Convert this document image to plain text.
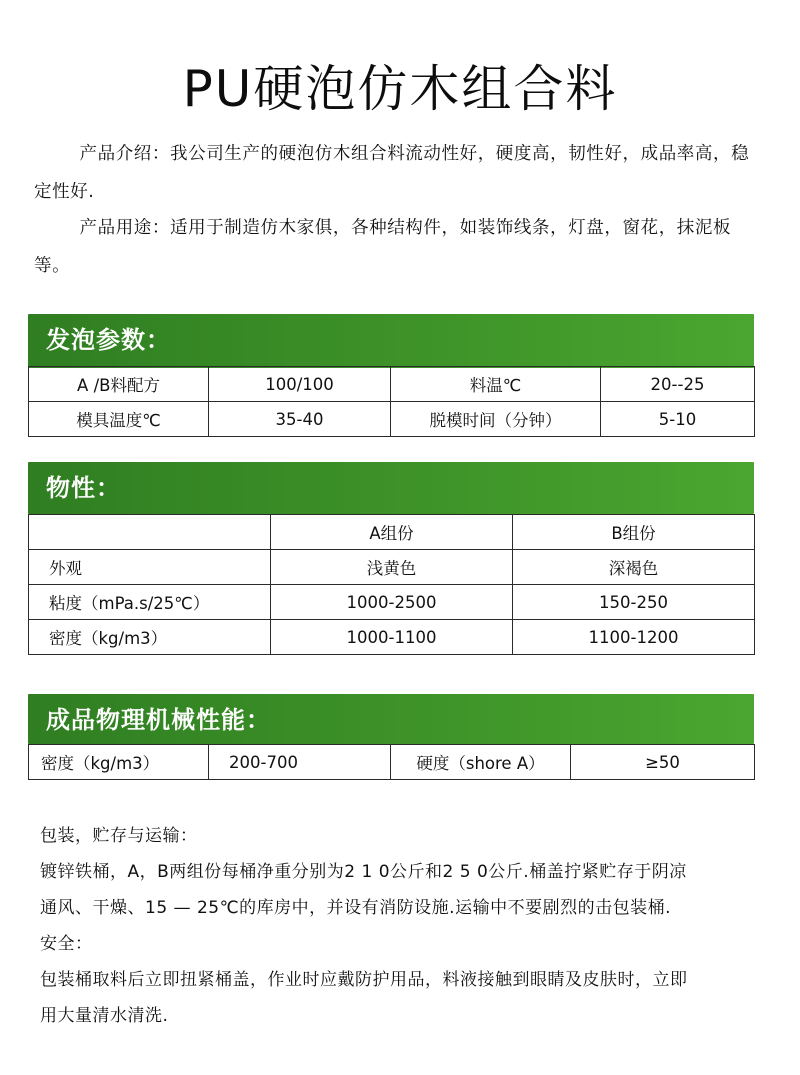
PU硬泡仿木组合料
产品介绍：我公司生产的硬泡仿木组合料流动性好，硬度高，韧性好，成品率高，稳定性好.
产品用途：适用于制造仿木家俱，各种结构件，如装饰线条，灯盘，窗花，抹泥板等。
发泡参数：
A /B料配方	100/100	料温℃	20--25
模具温度℃	35-40	脱模时间（分钟）	5-10
物性：
	A组份	B组份
外观	浅黄色	深褐色
粘度（mPa.s/25℃）	1000-2500	150-250
密度（kg/m3）	1000-1100	1100-1200
成品物理机械性能：
密度（kg/m3）	200-700	硬度（shore A）	≥50
包装，贮存与运输：
镀锌铁桶，A，B两组份每桶净重分别为2 1 0公斤和2 5 0公斤.桶盖拧紧贮存于阴凉
通风、干燥、15 — 25℃的库房中，并设有消防设施.运输中不要剧烈的击包装桶.
安全：
包装桶取料后立即扭紧桶盖，作业时应戴防护用品，料液接触到眼睛及皮肤时，立即
用大量清水清洗.
